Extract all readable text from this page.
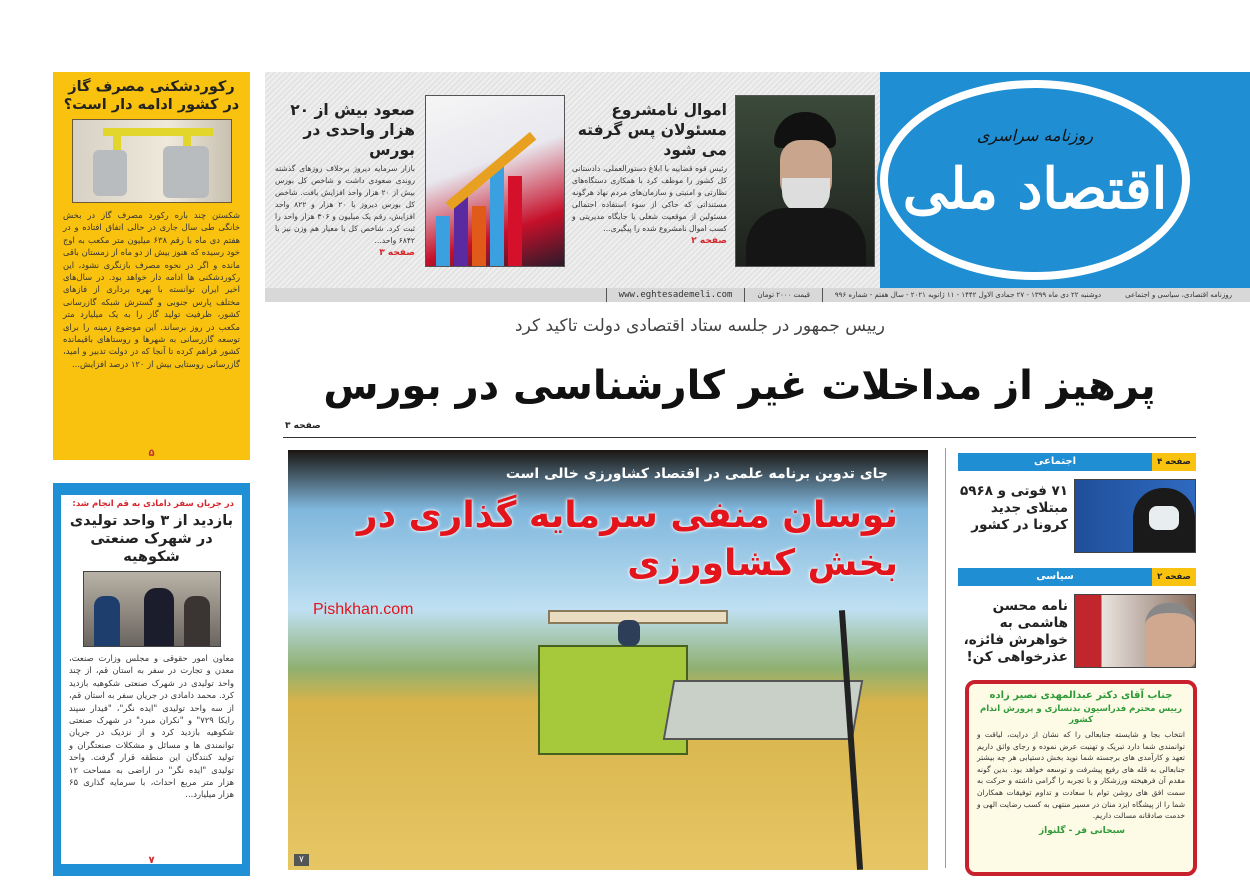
رکوردشکنی مصرف گاز در کشور ادامه دار است؟

شکستن چند باره رکورد مصرف گاز در بخش خانگی طی سال جاری در حالی اتفاق افتاده و در هفتم دی ماه با رقم ۶۳۸ میلیون متر مکعب به اوج خود رسیده که هنوز بیش از دو ماه از زمستان باقی مانده و اگر در نحوه مصرف بازنگری نشود، این رکوردشکنی ها ادامه دار خواهد بود. در سال‌های اخیر ایران توانسته با بهره برداری از فازهای مختلف پارس جنوبی و گسترش شبکه گازرسانی کشور، ظرفیت تولید گاز را به یک میلیارد متر مکعب در روز برساند. این موضوع زمینه را برای توسعه گازرسانی به شهرها و روستاهای باقیمانده کشور فراهم کرده تا آنجا که در دولت تدبیر و امید، گازرسانی روستایی بیش از ۱۲۰ درصد افزایش...

۵
در جریان سفر دامادی به قم انجام شد:
بازدید از ۳ واحد تولیدی در شهرک صنعتی شکوهیه

معاون امور حقوقی و مجلس وزارت صنعت، معدن و تجارت در سفر به استان قم، از چند واحد تولیدی در شهرک صنعتی شکوهیه بازدید کرد. محمد دامادی در جریان سفر به استان قم، از سه واحد تولیدی "ایده نگر"، "فیدار سپند رایکا ۷۲۹" و "نکران مبرد" در شهرک صنعتی شکوهیه بازدید کرد و از نزدیک در جریان توانمندی ها و مسائل و مشکلات صنعتگران و تولید کنندگان این منطقه قرار گرفت. واحد تولیدی "ایده نگر" در اراضی به مساحت ۱۲ هزار متر مربع احداث، با سرمایه گذاری ۶۵ هزار میلیارد...

۷
روزنامه سراسری
اقتصاد ملی
اموال نامشروع مسئولان پس گرفته می شود

رئیس قوه قضاییه با ابلاغ دستورالعملی، دادستانی کل کشور را موظف کرد با همکاری دستگاه‌های نظارتی و امنیتی و سازمان‌های مردم نهاد هرگونه مستنداتی که حاکی از سوء استفاده احتمالی مسئولین از موقعیت شغلی یا جایگاه مدیریتی و کسب اموال نامشروع شده را پیگیری...

صفحه ۲
صعود بیش از ۲۰ هزار واحدی در بورس

بازار سرمایه دیروز برخلاف روزهای گذشته روندی صعودی داشت و شاخص کل بورس بیش از ۲۰ هزار واحد افزایش یافت. شاخص کل بورس دیروز با ۲۰ هزار و ۸۲۲ واحد افزایش، رقم یک میلیون و ۳۰۶ هزار واحد را ثبت کرد. شاخص کل با معیار هم وزن نیز با ۶۸۴۲ واحد...

صفحه ۳
روزنامه اقتصادی، سیاسی و اجتماعی
دوشنبه ۲۲ دی ماه ۱۳۹۹ - ۲۷ جمادی الاول ۱۴۴۲ - ۱۱ ژانویه ۲۰۲۱ - سال هفتم - شماره ۹۹۶
قیمت ۲۰۰۰ تومان
www.eghtesademeli.com
رییس جمهور در جلسه ستاد اقتصادی دولت تاکید کرد
پرهیز از مداخلات غیر کارشناسی در بورس
صفحه ۳
جای تدوین برنامه علمی در اقتصاد کشاورزی خالی است
نوسان منفی سرمایه گذاری در بخش کشاورزی
Pishkhan.com
۷
صفحه ۴
اجتماعی
۷۱ فوتی و ۵۹۶۸ مبتلای جدید کرونا در کشور
صفحه ۲
سیاسی
نامه محسن هاشمی به خواهرش فائزه، عذرخواهی کن!
جناب آقای دکتر عبدالمهدی نصیر زاده
رییس محترم فدراسیون بدنسازی و پرورش اندام کشور

انتخاب بجا و شایسته جنابعالی را که نشان از درایت، لیاقت و توانمندی شما دارد تبریک و تهنیت عرض نموده و رجای واثق داریم تعهد و کارآمدی های برجسته شما نوید بخش دستیابی هر چه بیشتر جنابعالی به قله های رفیع پیشرفت و توسعه خواهد بود. بدین گونه مقدم آن فرهیخته ورزشکار و با تجربه را گرامی داشته و حرکت به سمت افق های روشن توام با سعادت و تداوم توفیقات همکاران شما را از پیشگاه ایزد منان در مسیر منتهی به کسب رضایت الهی و خدمت صادقانه مسالت داریم.

سبحانی فر - گلنواز
